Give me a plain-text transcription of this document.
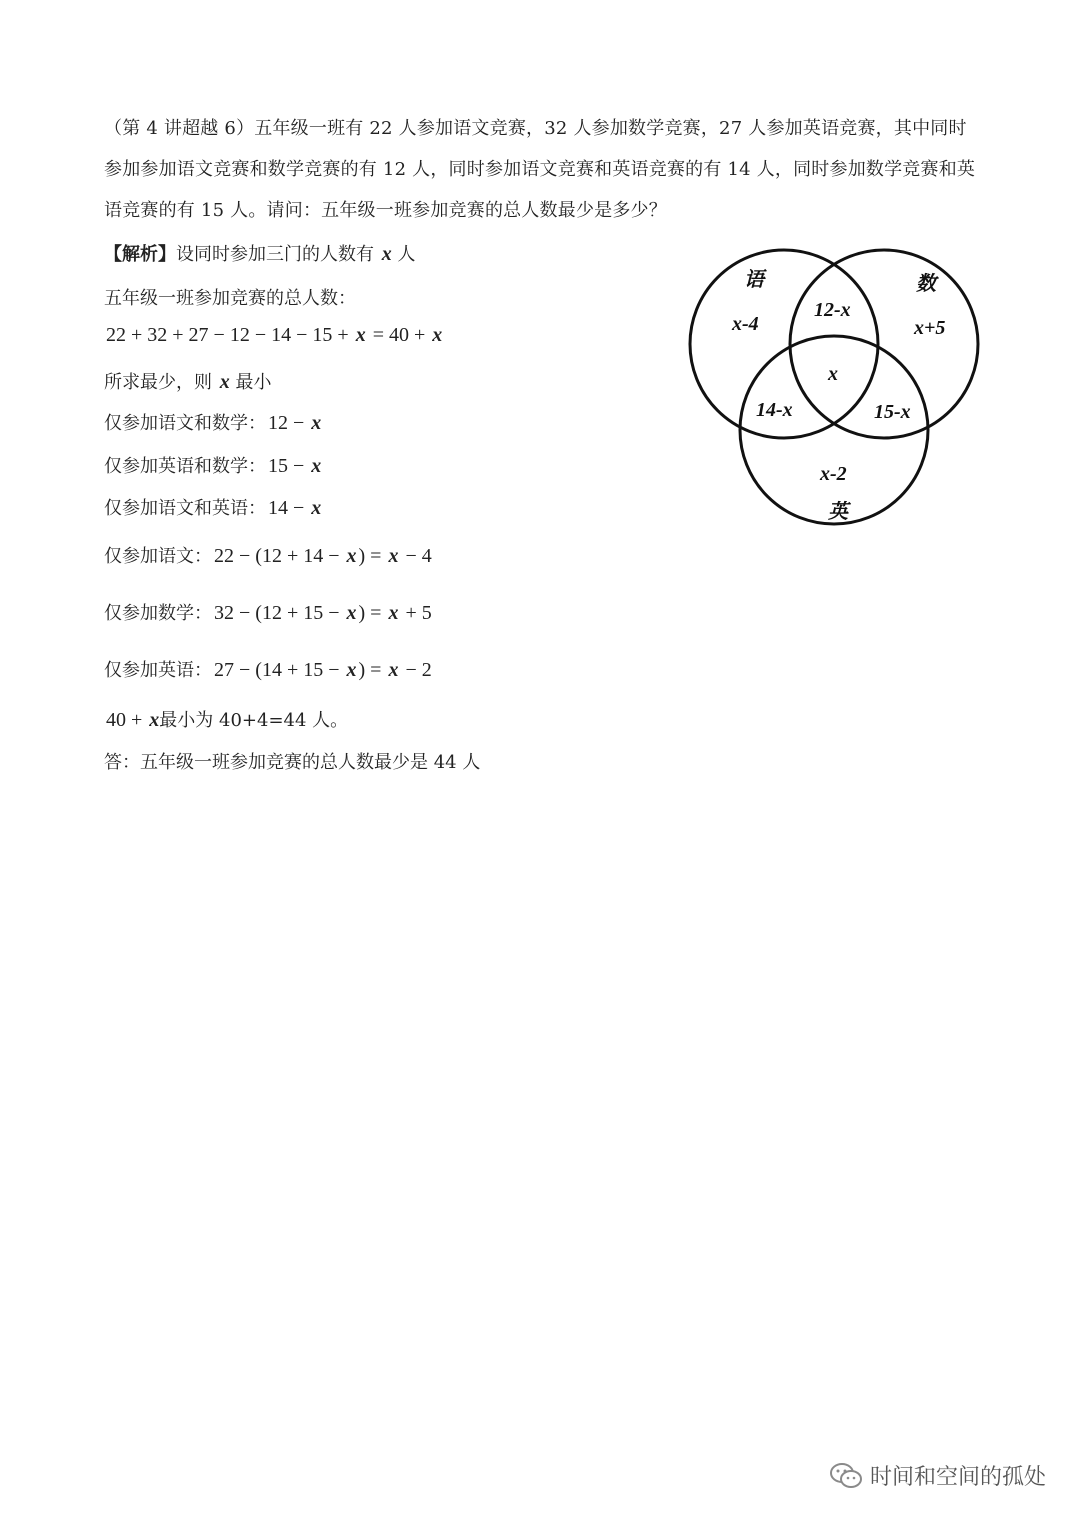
（第 4 讲超越 6）五年级一班有 22 人参加语文竞赛，32 人参加数学竞赛，27 人参加英语竞赛，其中同时参加参加语文竞赛和数学竞赛的有 12 人，同时参加语文竞赛和英语竞赛的有 14 人，同时参加数学竞赛和英语竞赛的有 15 人。请问：五年级一班参加竞赛的总人数最少是多少？
【解析】设同时参加三门的人数有 x 人
五年级一班参加竞赛的总人数：
22 + 32 + 27 − 12 − 14 − 15 + x = 40 + x
所求最少，则 x 最小
仅参加语文和数学： 12 − x
仅参加英语和数学： 15 − x
仅参加语文和英语： 14 − x
仅参加语文： 22 − (12 + 14 − x ) = x − 4
仅参加数学： 32 − (12 + 15 − x ) = x + 5
仅参加英语： 27 − (14 + 15 − x ) = x − 2
40 + x最小为 40+4=44 人。
答：五年级一班参加竞赛的总人数最少是 44 人
语	数
英
x-4	x+5
x-2
12-x
14-x	15-x
x
时间和空间的孤处
